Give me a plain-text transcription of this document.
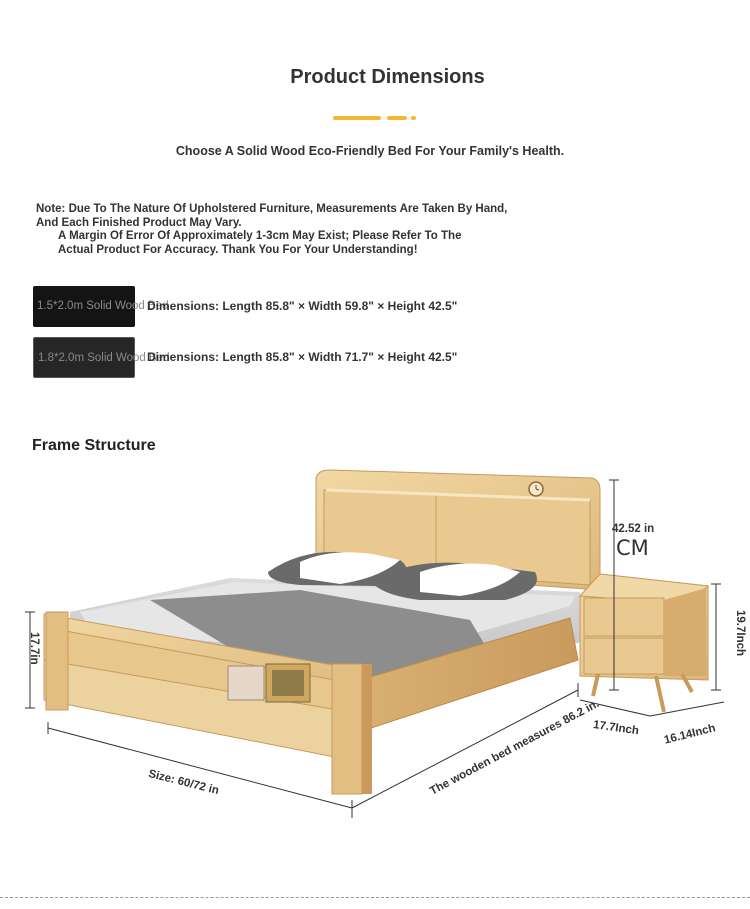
Product Dimensions
Choose A Solid Wood Eco-Friendly Bed For Your Family's Health.
Note: Due To The Nature Of Upholstered Furniture, Measurements Are Taken By Hand,
And Each Finished Product May Vary.
A Margin Of Error Of Approximately 1-3cm May Exist; Please Refer To The
Actual Product For Accuracy. Thank You For Your Understanding!
1.5*2.0m Solid Wood Bed
Dimensions: Length 85.8" × Width 59.8" × Height 42.5"
1.8*2.0m Solid Wood Bed
Dimensions: Length 85.8" × Width 71.7" × Height 42.5"
Frame Structure
42.52 in
CM
17.7in	19.7Inch
17.7Inch 16.14Inch
Size: 60/72 in	The wooden bed measures 86.2 in.
